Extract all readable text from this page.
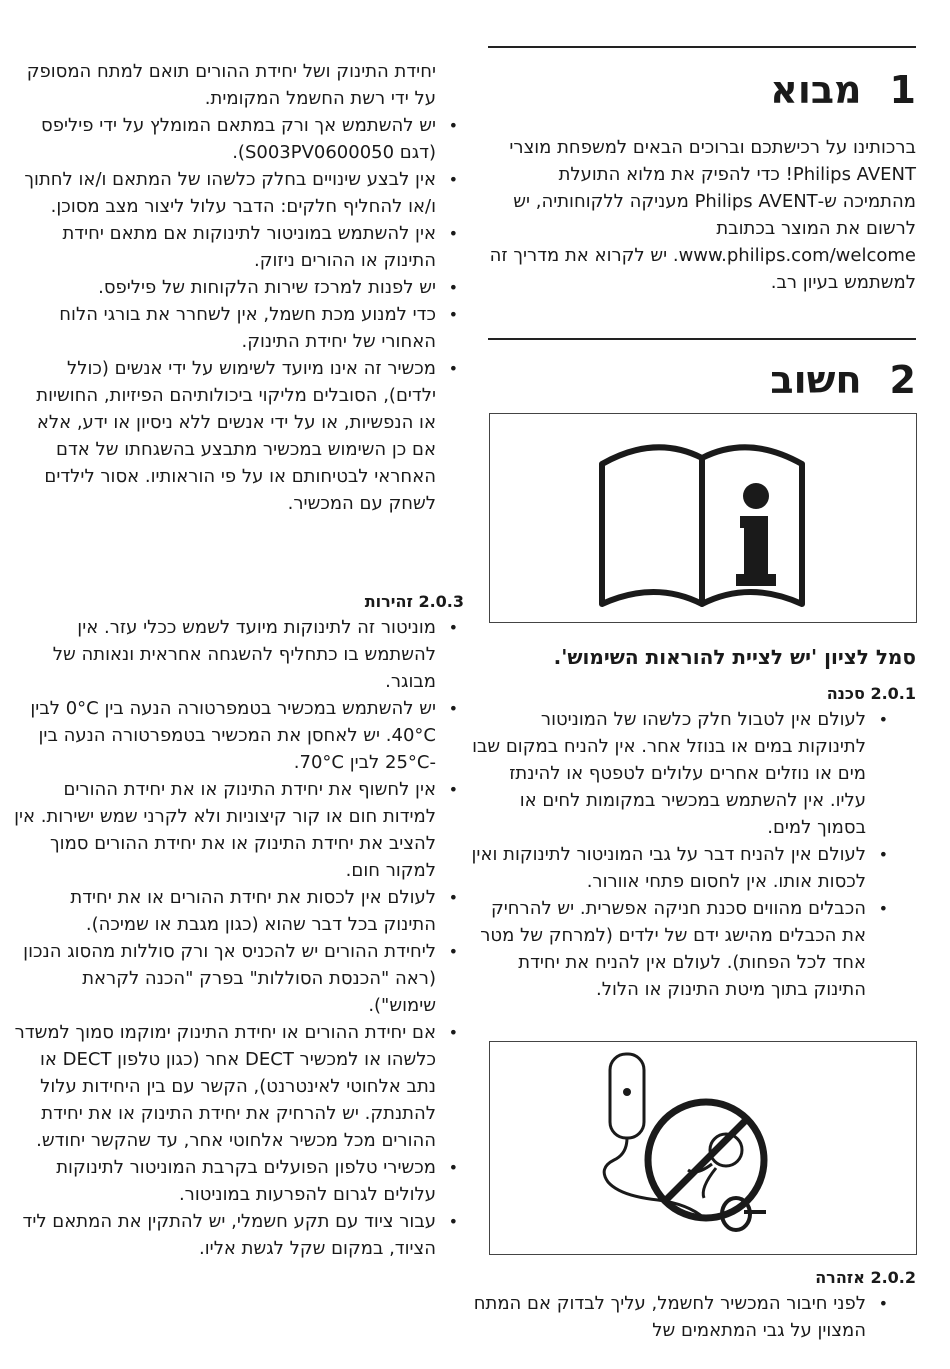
1מבוא
ברכותינו על רכישתכם וברוכים הבאים למשפחת מוצרי Philips AVENT! כדי להפיק את מלוא התועלת מהתמיכה ש-Philips AVENT מעניקה ללקוחותיה, יש לרשום את המוצר בכתובת www.philips.com/welcome. יש לקרוא את מדריך זה למשתמש בעיון רב.
2חשוב
סמל לציון 'יש לציית להוראות השימוש'.
2.0.1 סכנה
•
לעולם אין לטבול חלק כלשהו של המוניטור לתינוקות במים או בנוזל אחר. אין להניח במקום שבו מים או נוזלים אחרים עלולים לטפטף או להינתז עליו. אין להשתמש במכשיר במקומות לחים או בסמוך למים.
•
לעולם אין להניח דבר על גבי המוניטור לתינוקות ואין לכסות אותו. אין לחסום פתחי אוורור.
•
הכבלים מהווים סכנת חניקה אפשרית. יש להרחיק את הכבלים מהישג ידם של ילדים (למרחק של מטר אחד לכל הפחות). לעולם אין להניח את יחידת התינוק בתוך מיטת התינוק או הלול.
2.0.2 אזהרה
•
לפני חיבור המכשיר לחשמל, עליך לבדוק אם המתח המצוין על גבי המתאמים של
יחידת התינוק ושל יחידת ההורים תואם למתח המסופק על ידי רשת החשמל המקומית.
•
יש להשתמש אך ורק במתאם המומלץ על ידי פיליפס (דגם S003PV0600050).
•
אין לבצע שינויים בחלק כלשהו של המתאם ו/או לחתוך ו/או להחליף חלקים: הדבר עלול ליצור מצב מסוכן.
•
אין להשתמש במוניטור לתינוקות אם מתאם יחידת התינוק או ההורים ניזוק.
•
יש לפנות למרכז שירות הלקוחות של פיליפס.
•
כדי למנוע מכת חשמל, אין לשחרר את בורגי הלוח האחורי של יחידת התינוק.
•
מכשיר זה אינו מיועד לשימוש על ידי אנשים (כולל ילדים), הסובלים מליקוי ביכולותיהם הפיזיות, החושיות או הנפשיות, או על ידי אנשים ללא ניסיון או ידע, אלא אם כן השימוש במכשיר מתבצע בהשגחתו של אדם האחראי לבטיחותם או על פי הוראותיו. אסור לילדים לשחק עם המכשיר.
2.0.3 זהירות
•
מוניטור זה לתינוקות מיועד לשמש ככלי עזר. אין להשתמש בו כתחליף להשגחה אחראית ונאותה של מבוגר.
•
יש להשתמש במכשיר בטמפרטורה הנעה בין 0°C לבין 40°C. יש לאחסן את המכשיר בטמפרטורה הנעה בין -25°C לבין 70°C.
•
אין לחשוף את יחידת התינוק או את יחידת ההורים למידות חום או קור קיצוניות ולא לקרני שמש ישירות. אין להציב את יחידת התינוק או את יחידת ההורים סמוך למקור חום.
•
לעולם אין לכסות את יחידת ההורים או את יחידת התינוק בכל דבר שהוא (כגון מגבת או שמיכה).
•
ליחידת ההורים יש להכניס אך ורק סוללות מהסוג הנכון (ראה "הכנסת הסוללות" בפרק "הכנה לקראת שימוש").
•
אם יחידת ההורים או יחידת התינוק ימוקמו סמוך למשדר כלשהו או למכשיר DECT אחר (כגון טלפון DECT או נתב אלחוטי לאינטרנט), הקשר עם בין היחידות עלול להתנתק. יש להרחיק את יחידת התינוק או את יחידת ההורים מכל מכשיר אלחוטי אחר, עד שהקשר יחודש.
•
מכשירי טלפון הפועלים בקרבת המוניטור לתינוקות עלולים לגרום להפרעות במוניטור.
•
עבור ציוד עם תקע חשמלי, יש להתקין את המתאם ליד הציוד, במקום שקל לגשת אליו.
